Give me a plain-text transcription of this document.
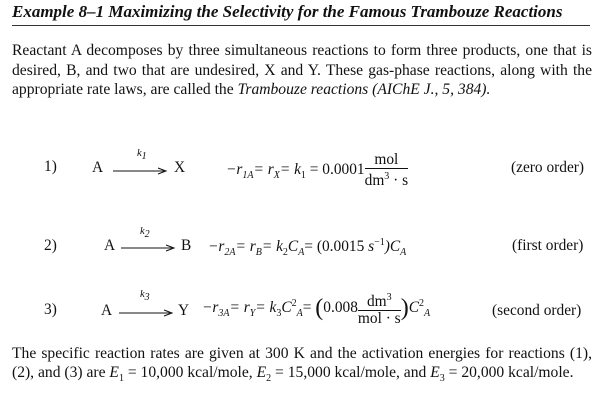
Example 8–1 Maximizing the Selectivity for the Famous Trambouze Reactions
Reactant A decomposes by three simultaneous reactions to form three products, one that is desired, B, and two that are undesired, X and Y. These gas-phase reactions, along with the appropriate rate laws, are called the Trambouze reactions (AIChE J., 5, 384).
1) A
$k_1$
→ X	$-r_{1A}= r_X= k_1 = 0.0001 \frac{\text{mol}}{dm^3 \cdot s}$	(zero order)
2)	A
$k_2$
→ $B -r_{2A}= r_B= k_2C_A= (0.0015$ $s^{-1})C_A$	(first order)
3)	A
$k_3$
→ $Y -r_{3A}= r_Y= k_3C^2_A= (0.008 \frac{dm^3}{\text{mol · s}} )C^2_A$	(second order)
The specific reaction rates are given at 300 K and the activation energies for reactions (1), (2), and (3) are $E_1 = 10,000$ kcal/mole, $E_2 = 15,000$ kcal/mole, and $E_3 = 20,000$ kcal/mole.
